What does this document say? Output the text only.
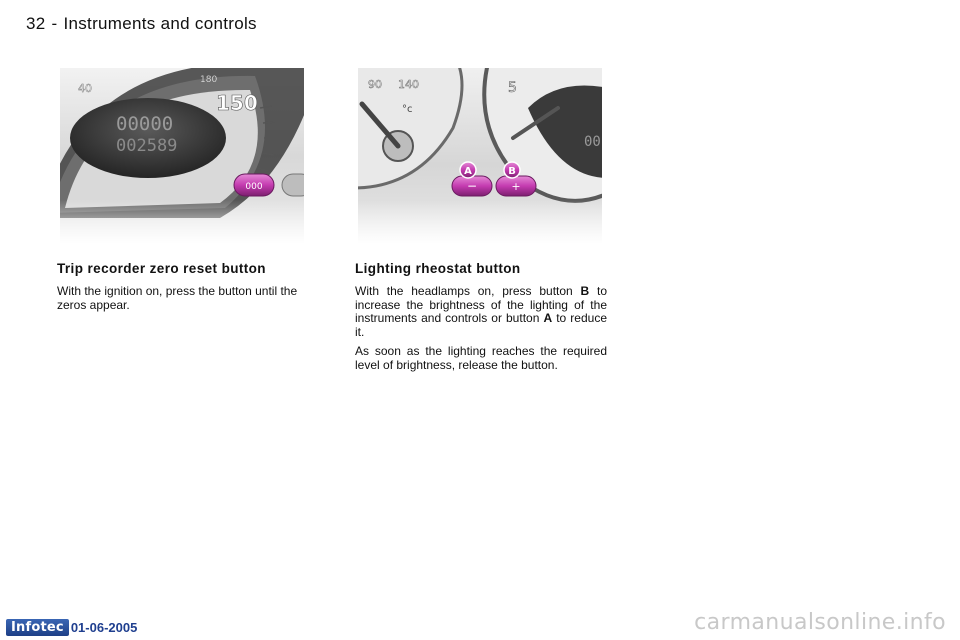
32 - Instruments and controls
Trip recorder zero reset button

With the ignition on, press the button until the zeros appear.

Lighting rheostat button

With the headlamps on, press button B to increase the brightness of the lighting of the instruments and controls or button A to reduce it.

As soon as the lighting reaches the required level of brightness, release the button.

Infotec 01-06-2005	carmanualsonline.info
